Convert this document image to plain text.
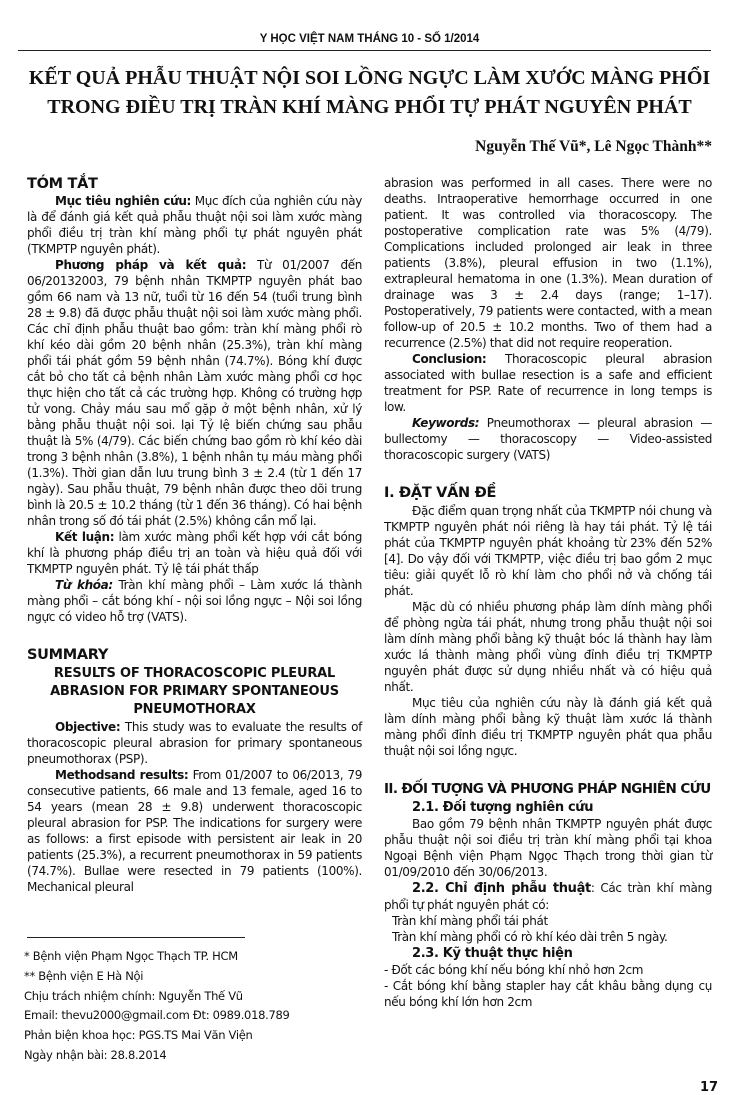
Y HỌC VIỆT NAM THÁNG 10 - SỐ 1/2014
KẾT QUẢ PHẪU THUẬT NỘI SOI LỒNG NGỰC LÀM XƯỚC MÀNG PHỔI
TRONG ĐIỀU TRỊ TRÀN KHÍ MÀNG PHỔI TỰ PHÁT NGUYÊN PHÁT
Nguyễn Thế Vũ*, Lê Ngọc Thành**
TÓM TẮT

Mục tiêu nghiên cứu: Mục đích của nghiên cứu này là để đánh giá kết quả phẫu thuật nội soi làm xước màng phổi điều trị tràn khí màng phổi tự phát nguyên phát (TKMPTP nguyên phát).

Phương pháp và kết quả: Từ 01/2007 đến 06/20132003, 79 bệnh nhân TKMPTP nguyên phát bao gồm 66 nam và 13 nữ, tuổi từ 16 đến 54 (tuổi trung bình 28 ± 9.8) đã được phẫu thuật nội soi làm xước màng phổi. Các chỉ định phẫu thuật bao gồm: tràn khí màng phổi rò khí kéo dài gồm 20 bệnh nhân (25.3%), tràn khí màng phổi tái phát gồm 59 bệnh nhân (74.7%). Bóng khí được cắt bỏ cho tất cả bệnh nhân Làm xước màng phổi cơ học thực hiện cho tất cả các trường hợp. Không có trường hợp tử vong. Chảy máu sau mổ gặp ở một bệnh nhân, xử lý bằng phẫu thuật nội soi. lại Tỷ lệ biến chứng sau phẫu thuật là 5% (4/79). Các biến chứng bao gồm rò khí kéo dài trong 3 bệnh nhân (3.8%), 1 bệnh nhân tụ máu màng phổi (1.3%). Thời gian dẫn lưu trung bình 3 ± 2.4 (từ 1 đến 17 ngày). Sau phẫu thuật, 79 bệnh nhân được theo dõi trung bình là 20.5 ± 10.2 tháng (từ 1 đến 36 tháng). Có hai bệnh nhân trong số đó tái phát (2.5%) không cần mổ lại.

Kết luận: làm xước màng phổi kết hợp với cắt bóng khí là phương pháp điều trị an toàn và hiệu quả đối với TKMPTP nguyên phát. Tỷ lệ tái phát thấp

Từ khóa: Tràn khí màng phổi – Làm xước lá thành màng phổi – cắt bóng khí - nội soi lồng ngực – Nội soi lồng ngực có video hỗ trợ (VATS).

SUMMARY
RESULTS OF THORACOSCOPIC PLEURAL ABRASION FOR PRIMARY SPONTANEOUS PNEUMOTHORAX

Objective: This study was to evaluate the results of thoracoscopic pleural abrasion for primary spontaneous pneumothorax (PSP).

Methodsand results: From 01/2007 to 06/2013, 79 consecutive patients, 66 male and 13 female, aged 16 to 54 years (mean 28 ± 9.8) underwent thoracoscopic pleural abrasion for PSP. The indications for surgery were as follows: a first episode with persistent air leak in 20 patients (25.3%), a recurrent pneumothorax in 59 patients (74.7%). Bullae were resected in 79 patients (100%). Mechanical pleural

abrasion was performed in all cases. There were no deaths. Intraoperative hemorrhage occurred in one patient. It was controlled via thoracoscopy. The postoperative complication rate was 5% (4/79). Complications included prolonged air leak in three patients (3.8%), pleural effusion in two (1.1%), extrapleural hematoma in one (1.3%). Mean duration of drainage was 3 ± 2.4 days (range; 1–17). Postoperatively, 79 patients were contacted, with a mean follow-up of 20.5 ± 10.2 months. Two of them had a recurrence (2.5%) that did not require reoperation.

Conclusion: Thoracoscopic pleural abrasion associated with bullae resection is a safe and efficient treatment for PSP. Rate of recurrence in long temps is low.

Keywords: Pneumothorax — pleural abrasion — bullectomy — thoracoscopy — Video-assisted thoracoscopic surgery (VATS)

I. ĐẶT VẤN ĐỀ

Đặc điểm quan trọng nhất của TKMPTP nói chung và TKMPTP nguyên phát nói riêng là hay tái phát. Tỷ lệ tái phát của TKMPTP nguyên phát khoảng từ 23% đến 52% [4]. Do vậy đối với TKMPTP, việc điều trị bao gồm 2 mục tiêu: giải quyết lỗ rò khí làm cho phổi nở và chống tái phát.

Mặc dù có nhiều phương pháp làm dính màng phổi để phòng ngừa tái phát, nhưng trong phẫu thuật nội soi làm dính màng phổi bằng kỹ thuật bóc lá thành hay làm xước lá thành màng phổi vùng đỉnh điều trị TKMPTP nguyên phát được sử dụng nhiều nhất và có hiệu quả nhất.

Mục tiêu của nghiên cứu này là đánh giá kết quả làm dính màng phổi bằng kỹ thuật làm xước lá thành màng phổi đỉnh điều trị TKMPTP nguyên phát qua phẫu thuật nội soi lồng ngực.

II. ĐỐI TƯỢNG VÀ PHƯƠNG PHÁP NGHIÊN CỨU

2.1. Đối tượng nghiên cứu

Bao gồm 79 bệnh nhân TKMPTP nguyên phát được phẫu thuật nội soi điều trị tràn khí màng phổi tại khoa Ngoại Bệnh viện Phạm Ngọc Thạch trong thời gian từ 01/09/2010 đến 30/06/2013.

2.2. Chỉ định phẫu thuật: Các tràn khí màng phổi tự phát nguyên phát có:

Tràn khí màng phổi tái phát

Tràn khí màng phổi có rò khí kéo dài trên 5 ngày.

2.3. Kỹ thuật thực hiện

- Đốt các bóng khí nếu bóng khí nhỏ hơn 2cm

- Cắt bóng khí bằng stapler hay cắt khâu bằng dụng cụ nếu bóng khí lớn hơn 2cm

* Bệnh viện Phạm Ngọc Thạch TP. HCM
** Bệnh viện E Hà Nội
Chịu trách nhiệm chính: Nguyễn Thế Vũ
Email: thevu2000@gmail.com Đt: 0989.018.789
Phản biện khoa học: PGS.TS Mai Văn Viện
Ngày nhận bài: 28.8.2014
17
